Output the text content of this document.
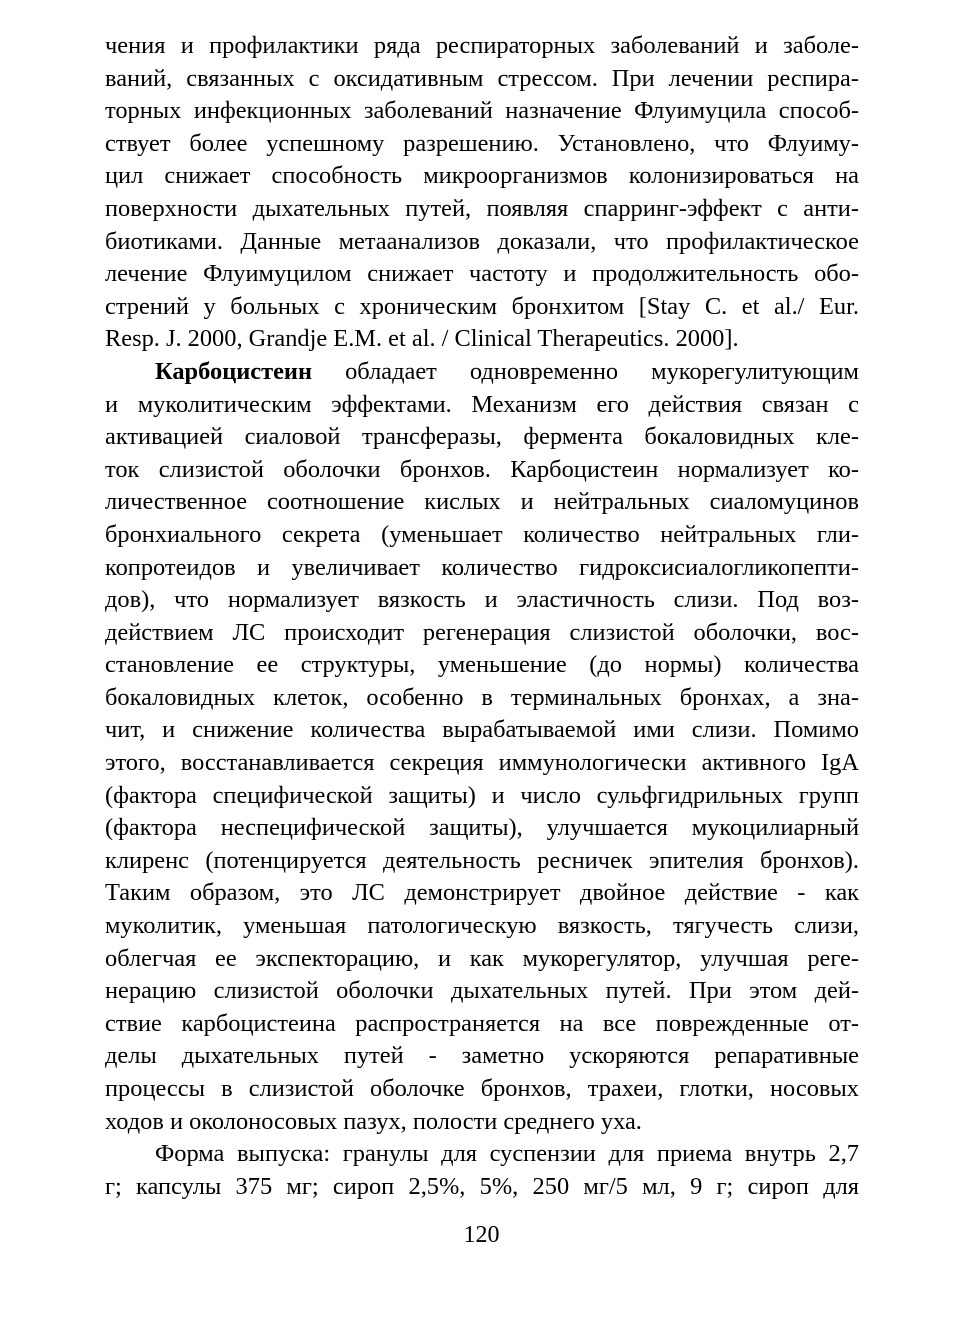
чения и профилактики ряда респираторных заболеваний и заболе-
ваний, связанных с оксидативным стрессом. При лечении респира-
торных инфекционных заболеваний назначение Флуимуцила способ-
ствует более успешному разрешению. Установлено, что Флуиму-
цил снижает способность микроорганизмов колонизироваться на
поверхности дыхательных путей, появляя спарринг-эффект с анти-
биотиками. Данные метаанализов доказали, что профилактическое
лечение Флуимуцилом снижает частоту и продолжительность обо-
стрений у больных с хроническим бронхитом [Stay C. et al./ Eur.
Resp. J. 2000, Grandje E.M. et al. / Clinical Therapeutics. 2000].
Карбоцистеин обладает одновременно мукорегулитующим
и муколитическим эффектами. Механизм его действия связан с
активацией сиаловой трансферазы, фермента бокаловидных кле-
ток слизистой оболочки бронхов. Карбоцистеин нормализует ко-
личественное соотношение кислых и нейтральных сиаломуцинов
бронхиального секрета (уменьшает количество нейтральных гли-
копротеидов и увеличивает количество гидроксисиалогликопепти-
дов), что нормализует вязкость и эластичность слизи. Под воз-
действием ЛС происходит регенерация слизистой оболочки, вос-
становление ее структуры, уменьшение (до нормы) количества
бокаловидных клеток, особенно в терминальных бронхах, а зна-
чит, и снижение количества вырабатываемой ими слизи. Помимо
этого, восстанавливается секреция иммунологически активного IgA
(фактора специфической защиты) и число сульфгидрильных групп
(фактора неспецифической защиты), улучшается мукоцилиарный
клиренс (потенцируется деятельность ресничек эпителия бронхов).
Таким образом, это ЛС демонстрирует двойное действие - как
муколитик, уменьшая патологическую вязкость, тягучесть слизи,
облегчая ее экспекторацию, и как мукорегулятор, улучшая реге-
нерацию слизистой оболочки дыхательных путей. При этом дей-
ствие карбоцистеина распространяется на все поврежденные от-
делы дыхательных путей - заметно ускоряются репаративные
процессы в слизистой оболочке бронхов, трахеи, глотки, носовых
ходов и околоносовых пазух, полости среднего уха.
Форма выпуска: гранулы для суспензии для приема внутрь 2,7
г; капсулы 375 мг; сироп 2,5%, 5%, 250 мг/5 мл, 9 г; сироп для
120
